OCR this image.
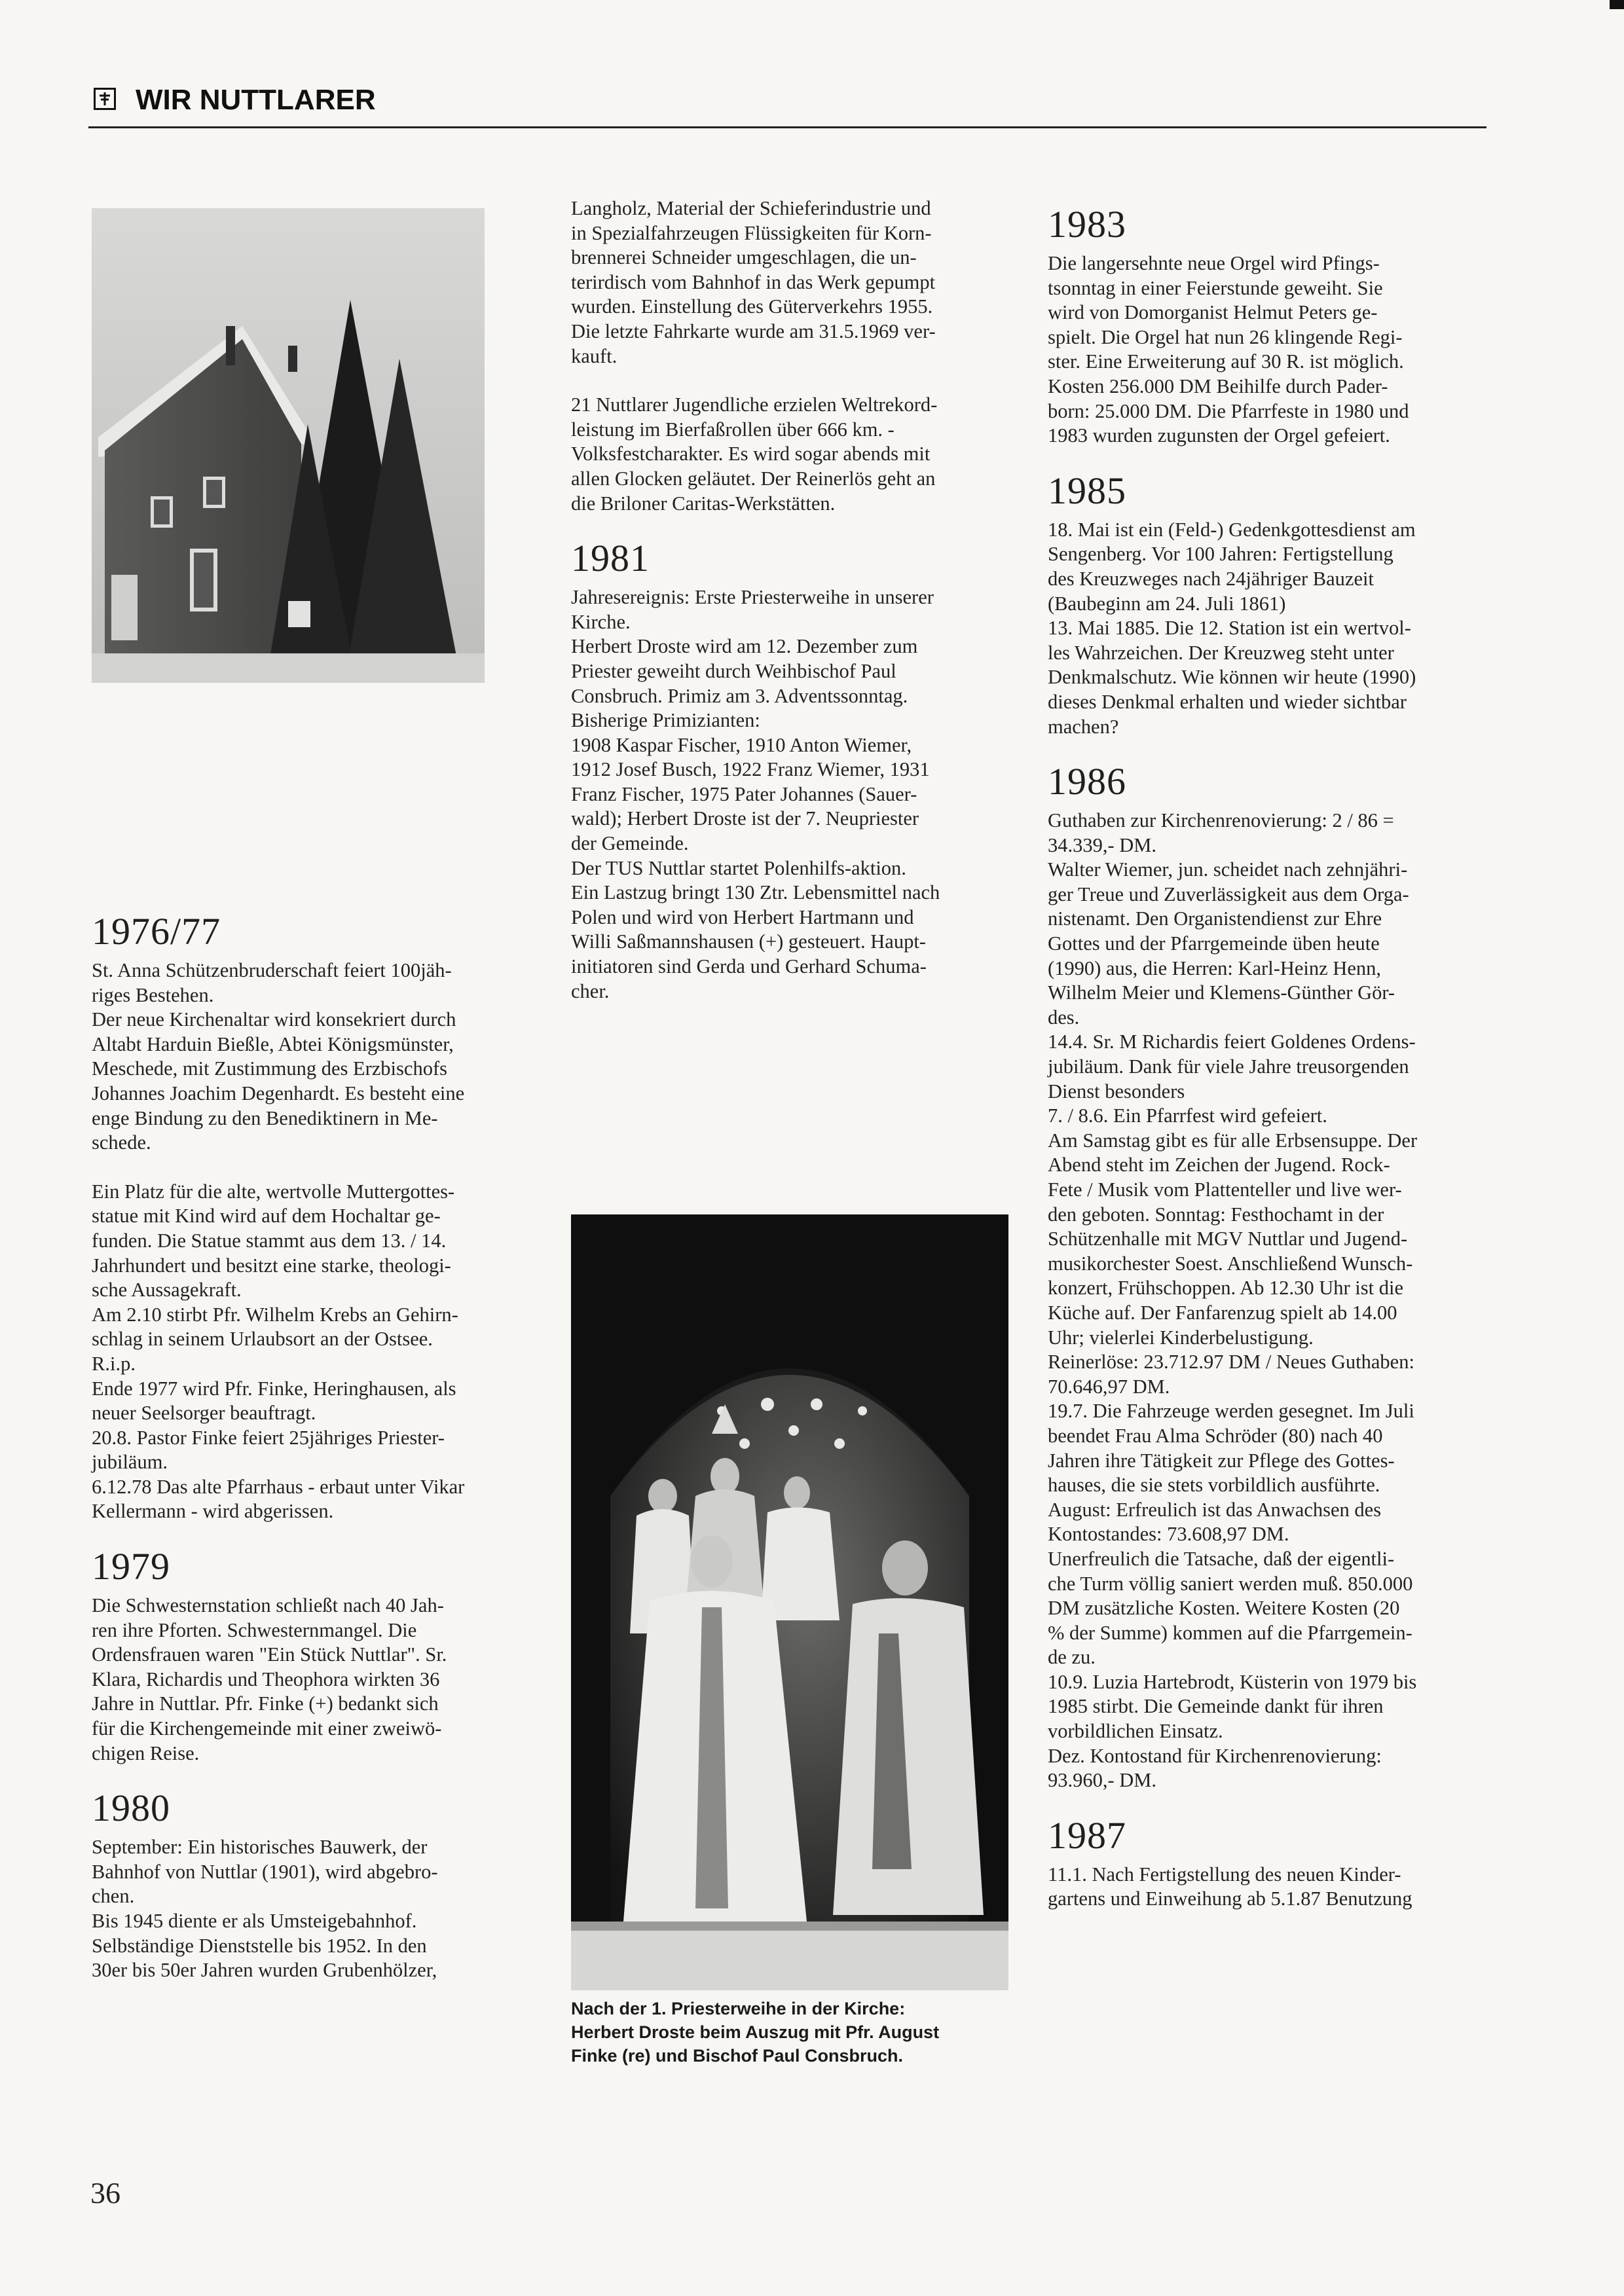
WIR NUTTLARER
1976/77

St. Anna Schützenbruderschaft feiert 100jäh-

riges Bestehen.

Der neue Kirchenaltar wird konsekriert durch

Altabt Harduin Bießle, Abtei Königsmünster,

Meschede, mit Zustimmung des Erzbischofs

Johannes Joachim Degenhardt. Es besteht eine

enge Bindung zu den Benediktinern in Me-

schede.

Ein Platz für die alte, wertvolle Muttergottes-

statue mit Kind wird auf dem Hochaltar ge-

funden. Die Statue stammt aus dem 13. / 14.

Jahrhundert und besitzt eine starke, theologi-

sche Aussagekraft.

Am 2.10 stirbt Pfr. Wilhelm Krebs an Gehirn-

schlag in seinem Urlaubsort an der Ostsee.

R.i.p.

Ende 1977 wird Pfr. Finke, Heringhausen, als

neuer Seelsorger beauftragt.

20.8. Pastor Finke feiert 25jähriges Priester-

jubiläum.

6.12.78 Das alte Pfarrhaus - erbaut unter Vikar

Kellermann - wird abgerissen.

1979

Die Schwesternstation schließt nach 40 Jah-

ren ihre Pforten. Schwesternmangel. Die

Ordensfrauen waren "Ein Stück Nuttlar". Sr.

Klara, Richardis und Theophora wirkten 36

Jahre in Nuttlar. Pfr. Finke (+) bedankt sich

für die Kirchengemeinde mit einer zweiwö-

chigen Reise.

1980

September: Ein historisches Bauwerk, der

Bahnhof von Nuttlar (1901), wird abgebro-

chen.

Bis 1945 diente er als Umsteigebahnhof.

Selbständige Dienststelle bis 1952. In den

30er bis 50er Jahren wurden Grubenhölzer,

Langholz, Material der Schieferindustrie und

in Spezialfahrzeugen Flüssigkeiten für Korn-

brennerei Schneider umgeschlagen, die un-

terirdisch vom Bahnhof in das Werk gepumpt

wurden. Einstellung des Güterverkehrs 1955.

Die letzte Fahrkarte wurde am 31.5.1969 ver-

kauft.

21 Nuttlarer Jugendliche erzielen Weltrekord-

leistung im Bierfaßrollen über 666 km. -

Volksfestcharakter. Es wird sogar abends mit

allen Glocken geläutet. Der Reinerlös geht an

die Briloner Caritas-Werkstätten.

1981

Jahresereignis: Erste Priesterweihe in unserer

Kirche.

Herbert Droste wird am 12. Dezember zum

Priester geweiht durch Weihbischof Paul

Consbruch. Primiz am 3. Adventssonntag.

Bisherige Primizianten:

1908 Kaspar Fischer, 1910 Anton Wiemer,

1912 Josef Busch, 1922 Franz Wiemer, 1931

Franz Fischer, 1975 Pater Johannes (Sauer-

wald); Herbert Droste ist der 7. Neupriester

der Gemeinde.

Der TUS Nuttlar startet Polenhilfs-aktion.

Ein Lastzug bringt 130 Ztr. Lebensmittel nach

Polen und wird von Herbert Hartmann und

Willi Saßmannshausen (+) gesteuert. Haupt-

initiatoren sind Gerda und Gerhard Schuma-

cher.

Nach der 1. Priesterweihe in der Kirche:
Herbert Droste beim Auszug mit Pfr. August
Finke (re) und Bischof Paul Consbruch.
1983

Die langersehnte neue Orgel wird Pfings-

tsonntag in einer Feierstunde geweiht. Sie

wird von Domorganist Helmut Peters ge-

spielt. Die Orgel hat nun 26 klingende Regi-

ster. Eine Erweiterung auf 30 R. ist möglich.

Kosten 256.000 DM Beihilfe durch Pader-

born: 25.000 DM. Die Pfarrfeste in 1980 und

1983 wurden zugunsten der Orgel gefeiert.

1985

18. Mai ist ein (Feld-) Gedenkgottesdienst am

Sengenberg. Vor 100 Jahren: Fertigstellung

des Kreuzweges nach 24jähriger Bauzeit

(Baubeginn am 24. Juli 1861)

13. Mai 1885. Die 12. Station ist ein wertvol-

les Wahrzeichen. Der Kreuzweg steht unter

Denkmalschutz. Wie können wir heute (1990)

dieses Denkmal erhalten und wieder sichtbar

machen?

1986

Guthaben zur Kirchenrenovierung: 2 / 86 =

34.339,- DM.

Walter Wiemer, jun. scheidet nach zehnjähri-

ger Treue und Zuverlässigkeit aus dem Orga-

nistenamt. Den Organistendienst zur Ehre

Gottes und der Pfarrgemeinde üben heute

(1990) aus, die Herren: Karl-Heinz Henn,

Wilhelm Meier und Klemens-Günther Gör-

des.

14.4. Sr. M Richardis feiert Goldenes Ordens-

jubiläum. Dank für viele Jahre treusorgenden

Dienst besonders

7. / 8.6. Ein Pfarrfest wird gefeiert.

Am Samstag gibt es für alle Erbsensuppe. Der

Abend steht im Zeichen der Jugend. Rock-

Fete / Musik vom Plattenteller und live wer-

den geboten. Sonntag: Festhochamt in der

Schützenhalle mit MGV Nuttlar und Jugend-

musikorchester Soest. Anschließend Wunsch-

konzert, Frühschoppen. Ab 12.30 Uhr ist die

Küche auf. Der Fanfarenzug spielt ab 14.00

Uhr; vielerlei Kinderbelustigung.

Reinerlöse: 23.712.97 DM / Neues Guthaben:

70.646,97 DM.

19.7. Die Fahrzeuge werden gesegnet. Im Juli

beendet Frau Alma Schröder (80) nach 40

Jahren ihre Tätigkeit zur Pflege des Gottes-

hauses, die sie stets vorbildlich ausführte.

August: Erfreulich ist das Anwachsen des

Kontostandes: 73.608,97 DM.

Unerfreulich die Tatsache, daß der eigentli-

che Turm völlig saniert werden muß. 850.000

DM zusätzliche Kosten. Weitere Kosten (20

% der Summe) kommen auf die Pfarrgemein-

de zu.

10.9. Luzia Hartebrodt, Küsterin von 1979 bis

1985 stirbt. Die Gemeinde dankt für ihren

vorbildlichen Einsatz.

Dez. Kontostand für Kirchenrenovierung:

93.960,- DM.

1987

11.1. Nach Fertigstellung des neuen Kinder-

gartens und Einweihung ab 5.1.87 Benutzung

36
